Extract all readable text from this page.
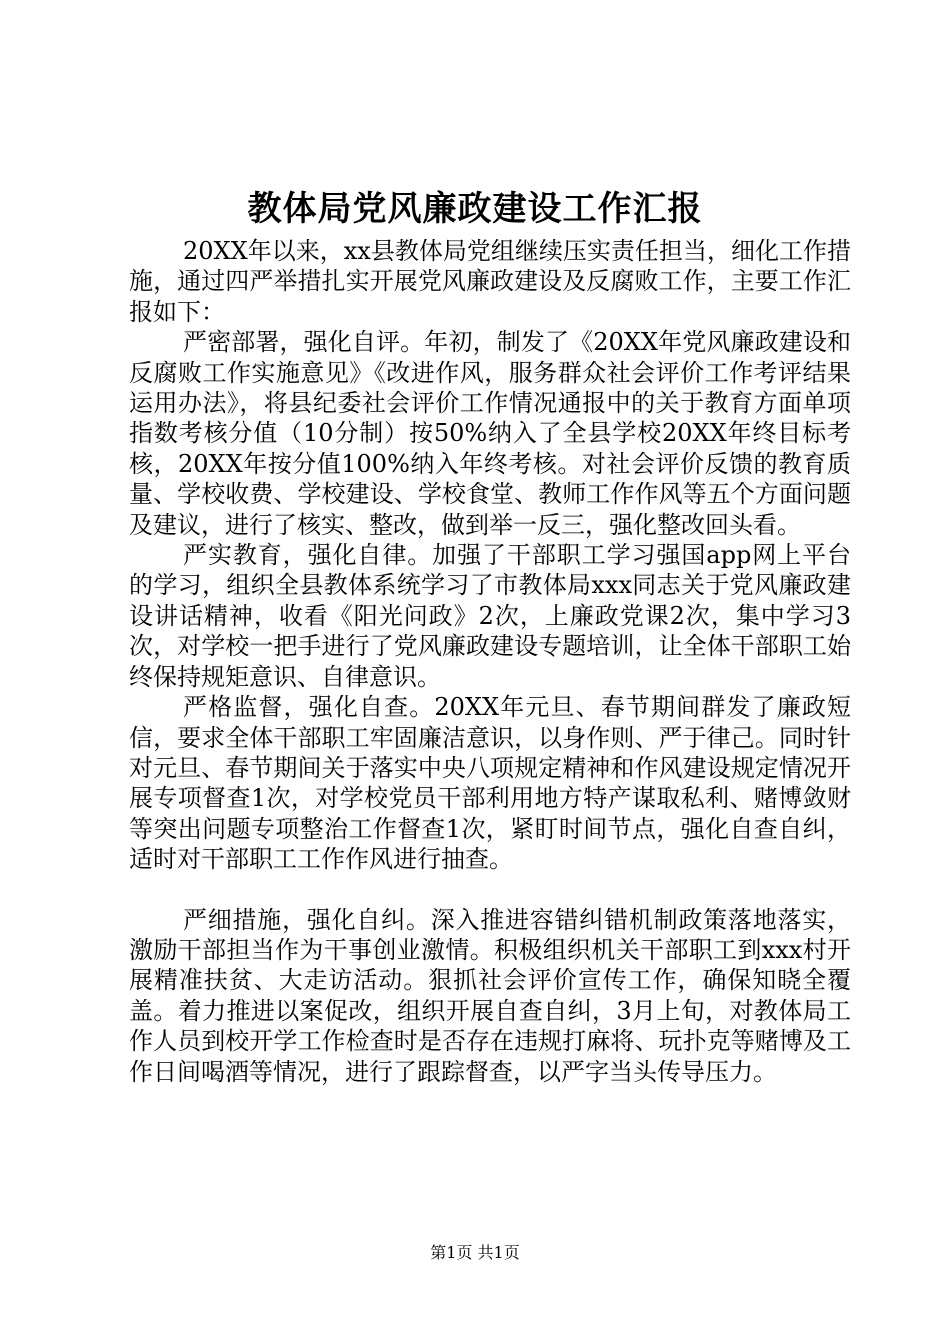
教体局党风廉政建设工作汇报

20XX年以来，xx县教体局党组继续压实责任担当，细化工作措施，通过四严举措扎实开展党风廉政建设及反腐败工作，主要工作汇报如下：

严密部署，强化自评。年初，制发了《20XX年党风廉政建设和反腐败工作实施意见》《改进作风，服务群众社会评价工作考评结果运用办法》，将县纪委社会评价工作情况通报中的关于教育方面单项指数考核分值（10分制）按50%纳入了全县学校20XX年终目标考核，20XX年按分值100%纳入年终考核。对社会评价反馈的教育质量、学校收费、学校建设、学校食堂、教师工作作风等五个方面问题及建议，进行了核实、整改，做到举一反三，强化整改回头看。

严实教育，强化自律。加强了干部职工学习强国app网上平台的学习，组织全县教体系统学习了市教体局xxx同志关于党风廉政建设讲话精神，收看《阳光问政》2次，上廉政党课2次，集中学习3次，对学校一把手进行了党风廉政建设专题培训，让全体干部职工始终保持规矩意识、自律意识。

严格监督，强化自查。20XX年元旦、春节期间群发了廉政短信，要求全体干部职工牢固廉洁意识，以身作则、严于律己。同时针对元旦、春节期间关于落实中央八项规定精神和作风建设规定情况开展专项督查1次，对学校党员干部利用地方特产谋取私利、赌博敛财等突出问题专项整治工作督查1次，紧盯时间节点，强化自查自纠，适时对干部职工工作作风进行抽查。

严细措施，强化自纠。深入推进容错纠错机制政策落地落实，激励干部担当作为干事创业激情。积极组织机关干部职工到xxx村开展精准扶贫、大走访活动。狠抓社会评价宣传工作，确保知晓全覆盖。着力推进以案促改，组织开展自查自纠，3月上旬，对教体局工作人员到校开学工作检查时是否存在违规打麻将、玩扑克等赌博及工作日间喝酒等情况，进行了跟踪督查，以严字当头传导压力。

第1页 共1页
